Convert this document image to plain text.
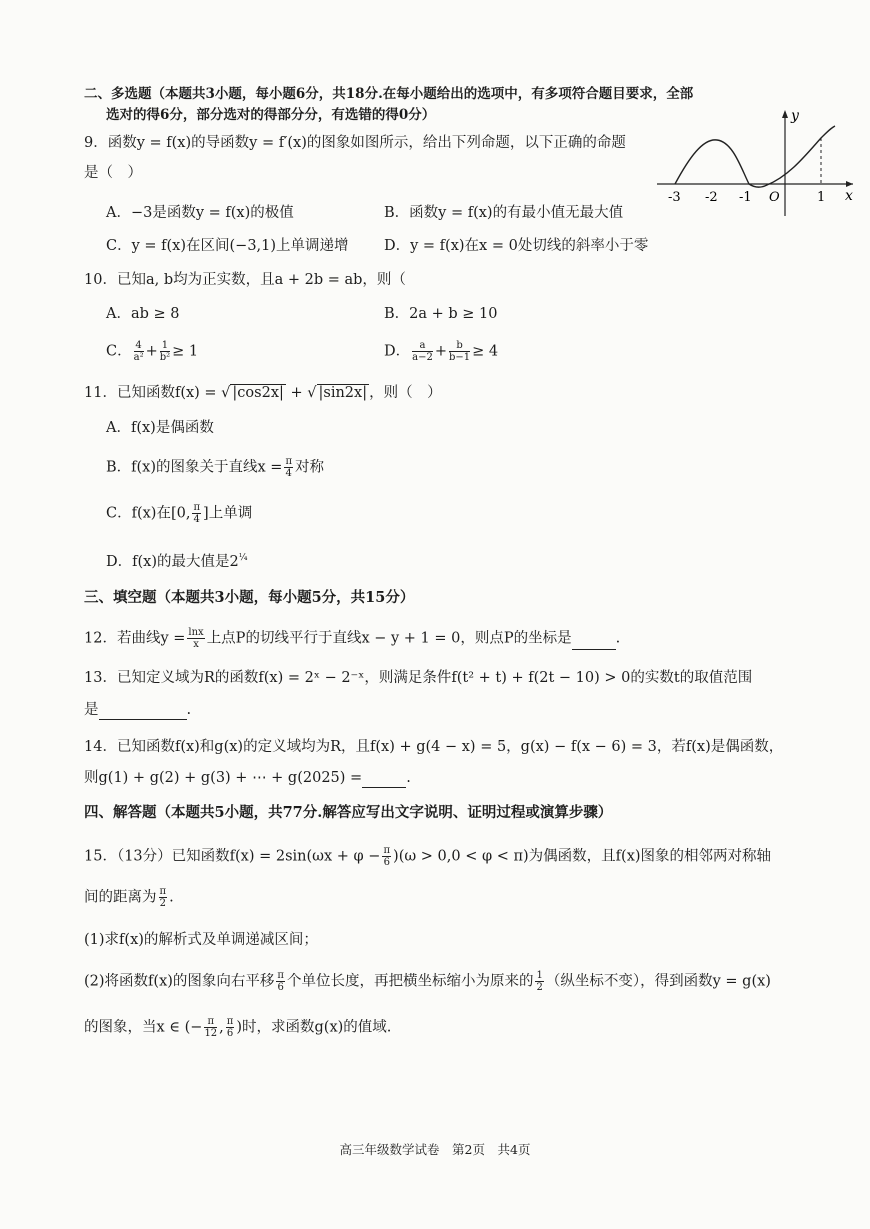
二、多选题（本题共3小题，每小题6分，共18分.在每小题给出的选项中，有多项符合题目要求，全部
选对的得6分，部分选对的得部分分，有选错的得0分）
9．函数y = f(x)的导函数y = f′(x)的图象如图所示，给出下列命题，以下正确的命题
是（　）
A．−3是函数y = f(x)的极值	B．函数y = f(x)的有最小值无最大值
C．y = f(x)在区间(−3,1)上单调递增 D．y = f(x)在x = 0处切线的斜率小于零
y
x
O
-3 -2 -1	1
10．已知a, b均为正实数，且a + 2b = ab，则（
A．ab ≥ 8	B．2a + b ≥ 10
C． $\frac{4}{\text{a²}} + \frac{1}{\text{b²}} \ge 1$	D． $\frac{a}{a-2} + \frac{b}{b-1} \ge 4$
11．已知函数f(x) = √ |cos2x| + √ |sin2x| ，则（　）
A．f(x)是偶函数
B．f(x)的图象关于直线$x = \frac{\pi}{4}$ 对称
C．f(x)在[0, $\frac{\pi}{4}$ ]上单调
D．f(x)的最大值是$2^{\frac{1}{4}}$
三、填空题（本题共3小题，每小题5分，共15分）
12．若曲线$y = \frac{\ln x}{x}$ 上点P的切线平行于直线x − y + 1 = 0，则点P的坐标是	.
13．已知定义域为R的函数f(x) = 2ˣ − 2⁻ˣ，则满足条件f(t² + t) + f(2t − 10) > 0的实数t的取值范围
是	.
14．已知函数f(x)和g(x)的定义域均为R，且f(x) + g(4 − x) = 5，g(x) − f(x − 6) = 3，若f(x)是偶函数，
则g(1) + g(2) + g(3) + ⋯ + g(2025) =	.
四、解答题（本题共5小题，共77分.解答应写出文字说明、证明过程或演算步骤）
15．（13分）已知函数$f(x) = 2\sin(\omega x + \varphi - \frac{\pi}{6} )(\omega > 0,0 < \varphi < \pi)$为偶函数，且f(x)图象的相邻两对称轴
间的距离为 $\frac{\pi}{2}$ .
(1)求f(x)的解析式及单调递减区间；
(2)将函数f(x)的图象向右平移 $\frac{\pi}{6}$ 个单位长度，再把横坐标缩小为原来的 $\frac{1}{2}$ （纵坐标不变），得到函数y = g(x)
的图象，当x ∈ (− $\frac{\pi}{12}$ , $\frac{\pi}{6}$ )时，求函数g(x)的值域.
高三年级数学试卷　第2页　共4页
